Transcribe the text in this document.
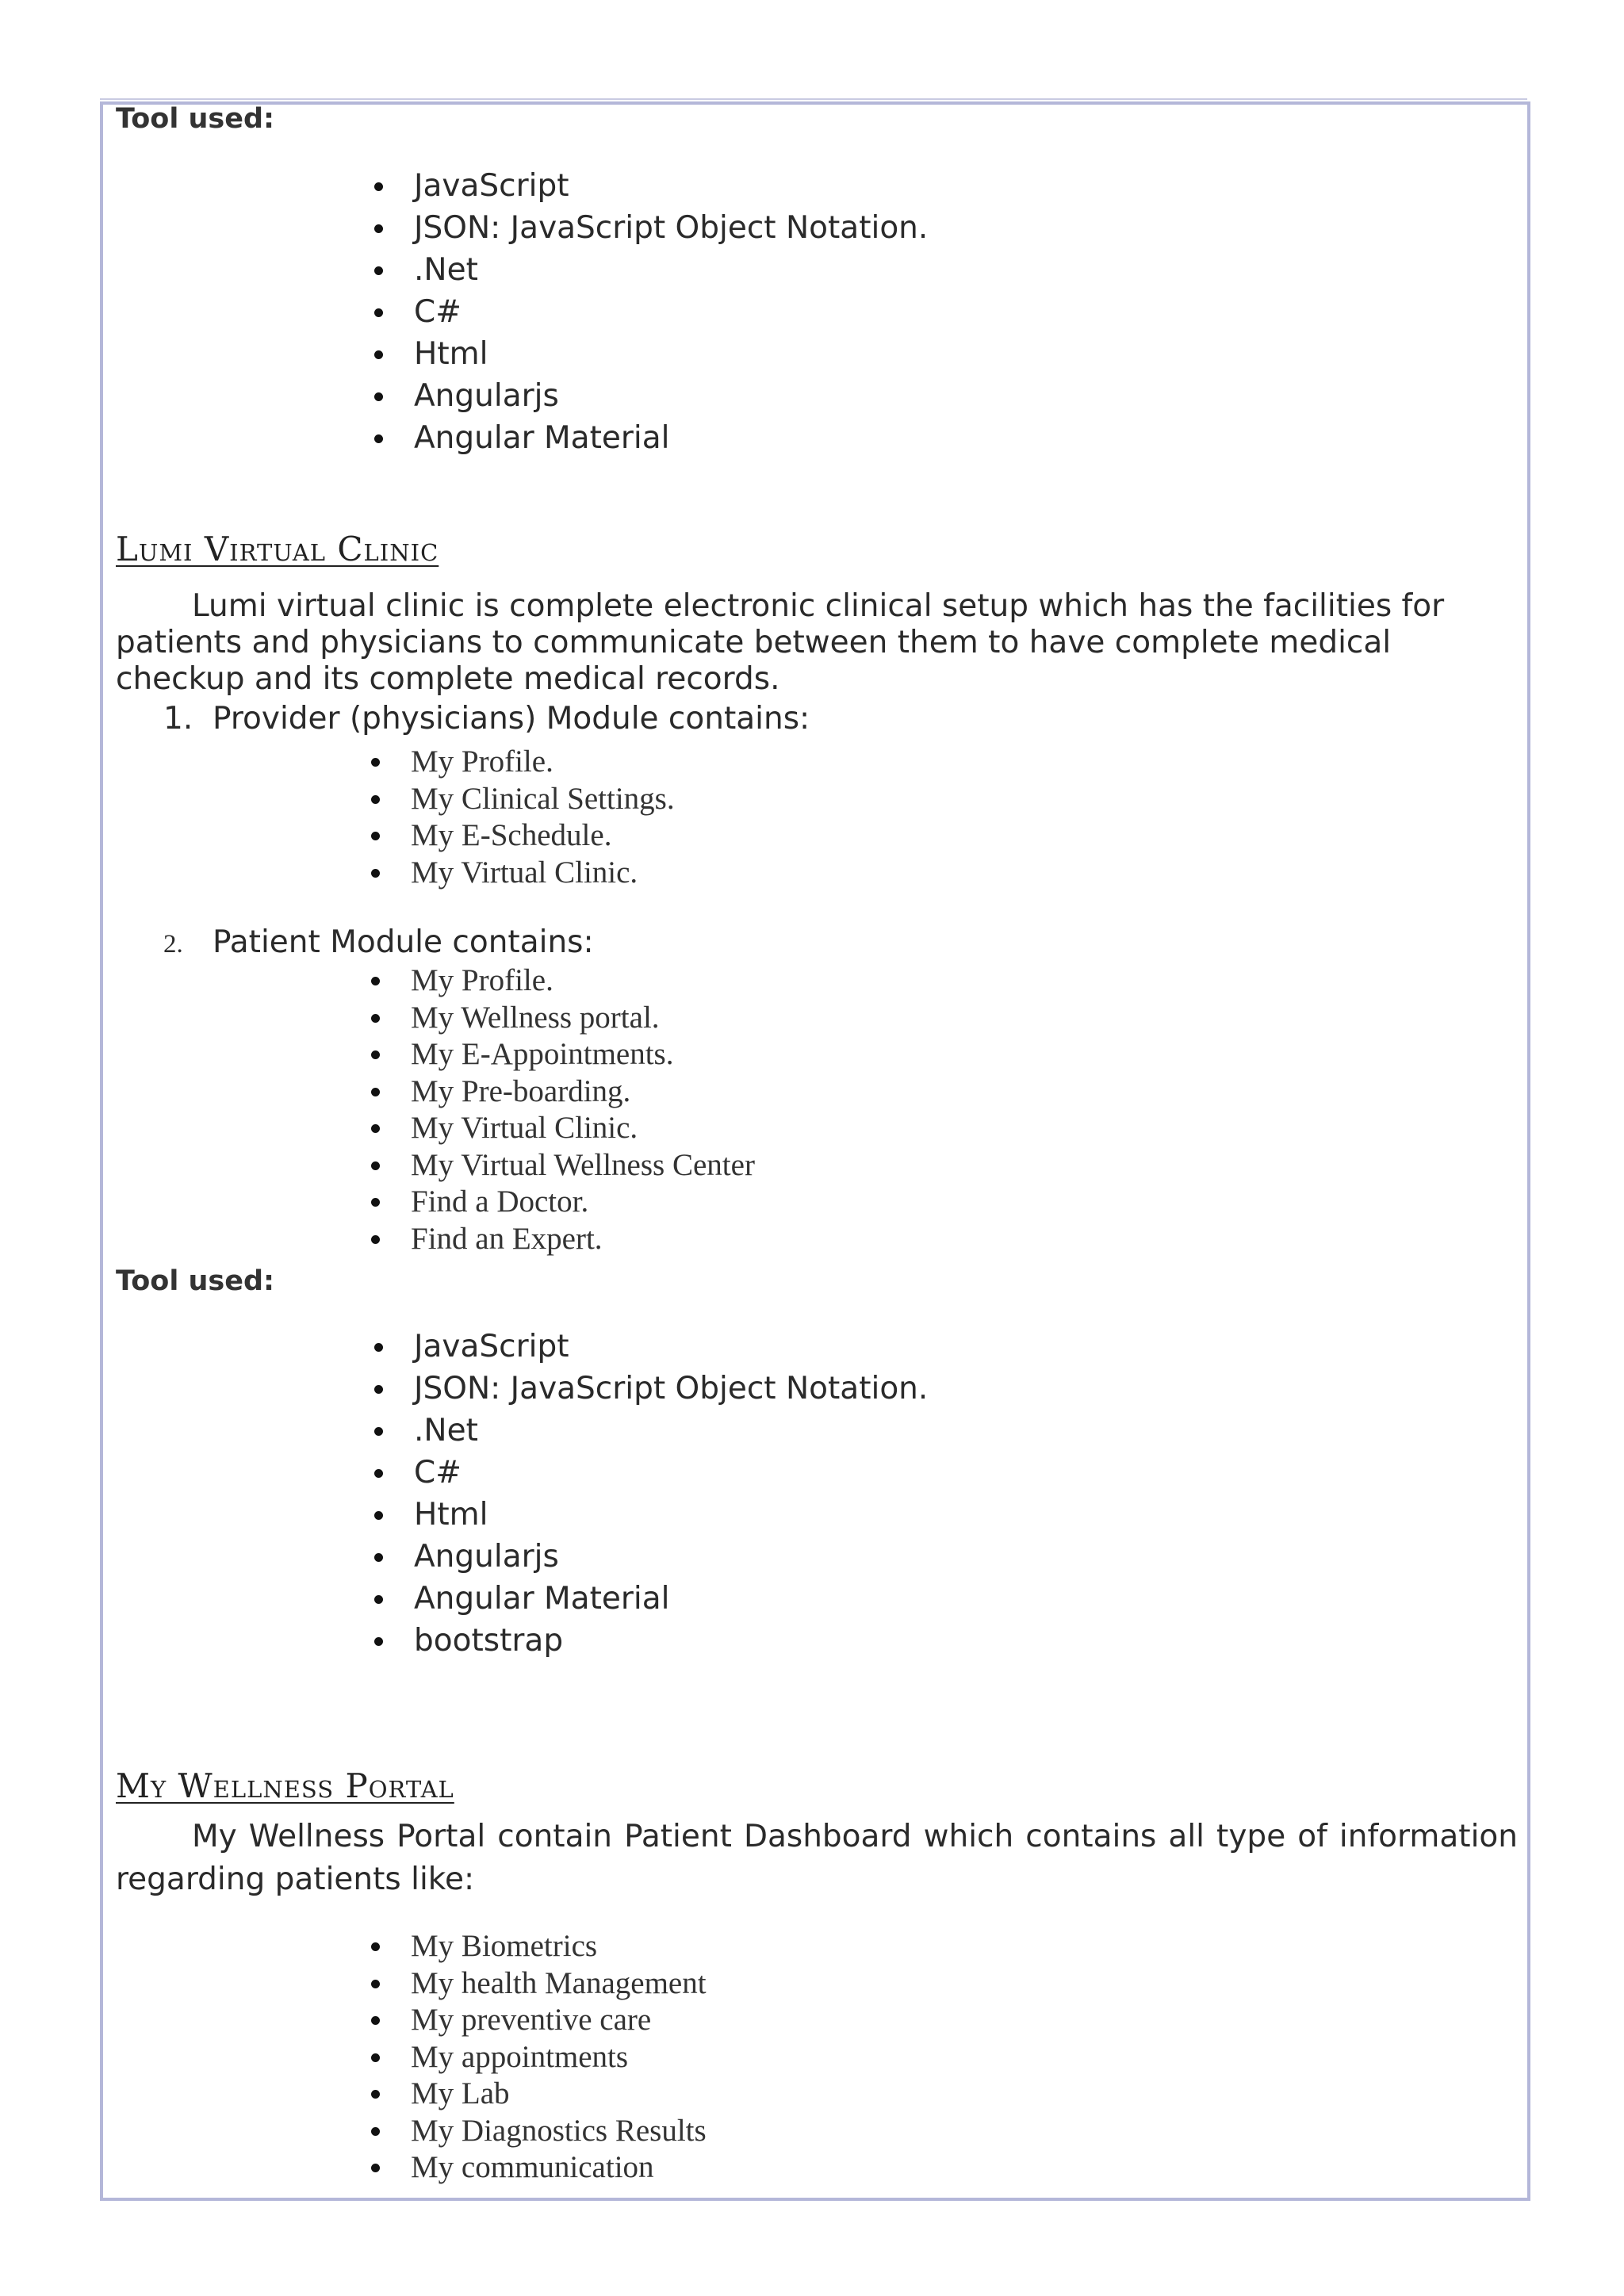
Tool used:
JavaScript
JSON: JavaScript Object Notation.
.Net
C#
Html
Angularjs
Angular Material
Lumi Virtual Clinic
Lumi virtual clinic is complete electronic clinical setup which has the facilities for patients and physicians to communicate between them to have complete medical checkup and its complete medical records.
1. Provider (physicians) Module contains:
My Profile.
My Clinical Settings.
My E-Schedule.
My Virtual Clinic.
2. Patient Module contains:
My Profile.
My Wellness portal.
My E-Appointments.
My Pre-boarding.
My Virtual Clinic.
My Virtual Wellness Center
Find a Doctor.
Find an Expert.
Tool used:
JavaScript
JSON: JavaScript Object Notation.
.Net
C#
Html
Angularjs
Angular Material
bootstrap
My Wellness Portal
My Wellness Portal contain Patient Dashboard which contains all type of information regarding patients like:
My Biometrics
My health Management
My preventive care
My appointments
My Lab
My Diagnostics Results
My communication
